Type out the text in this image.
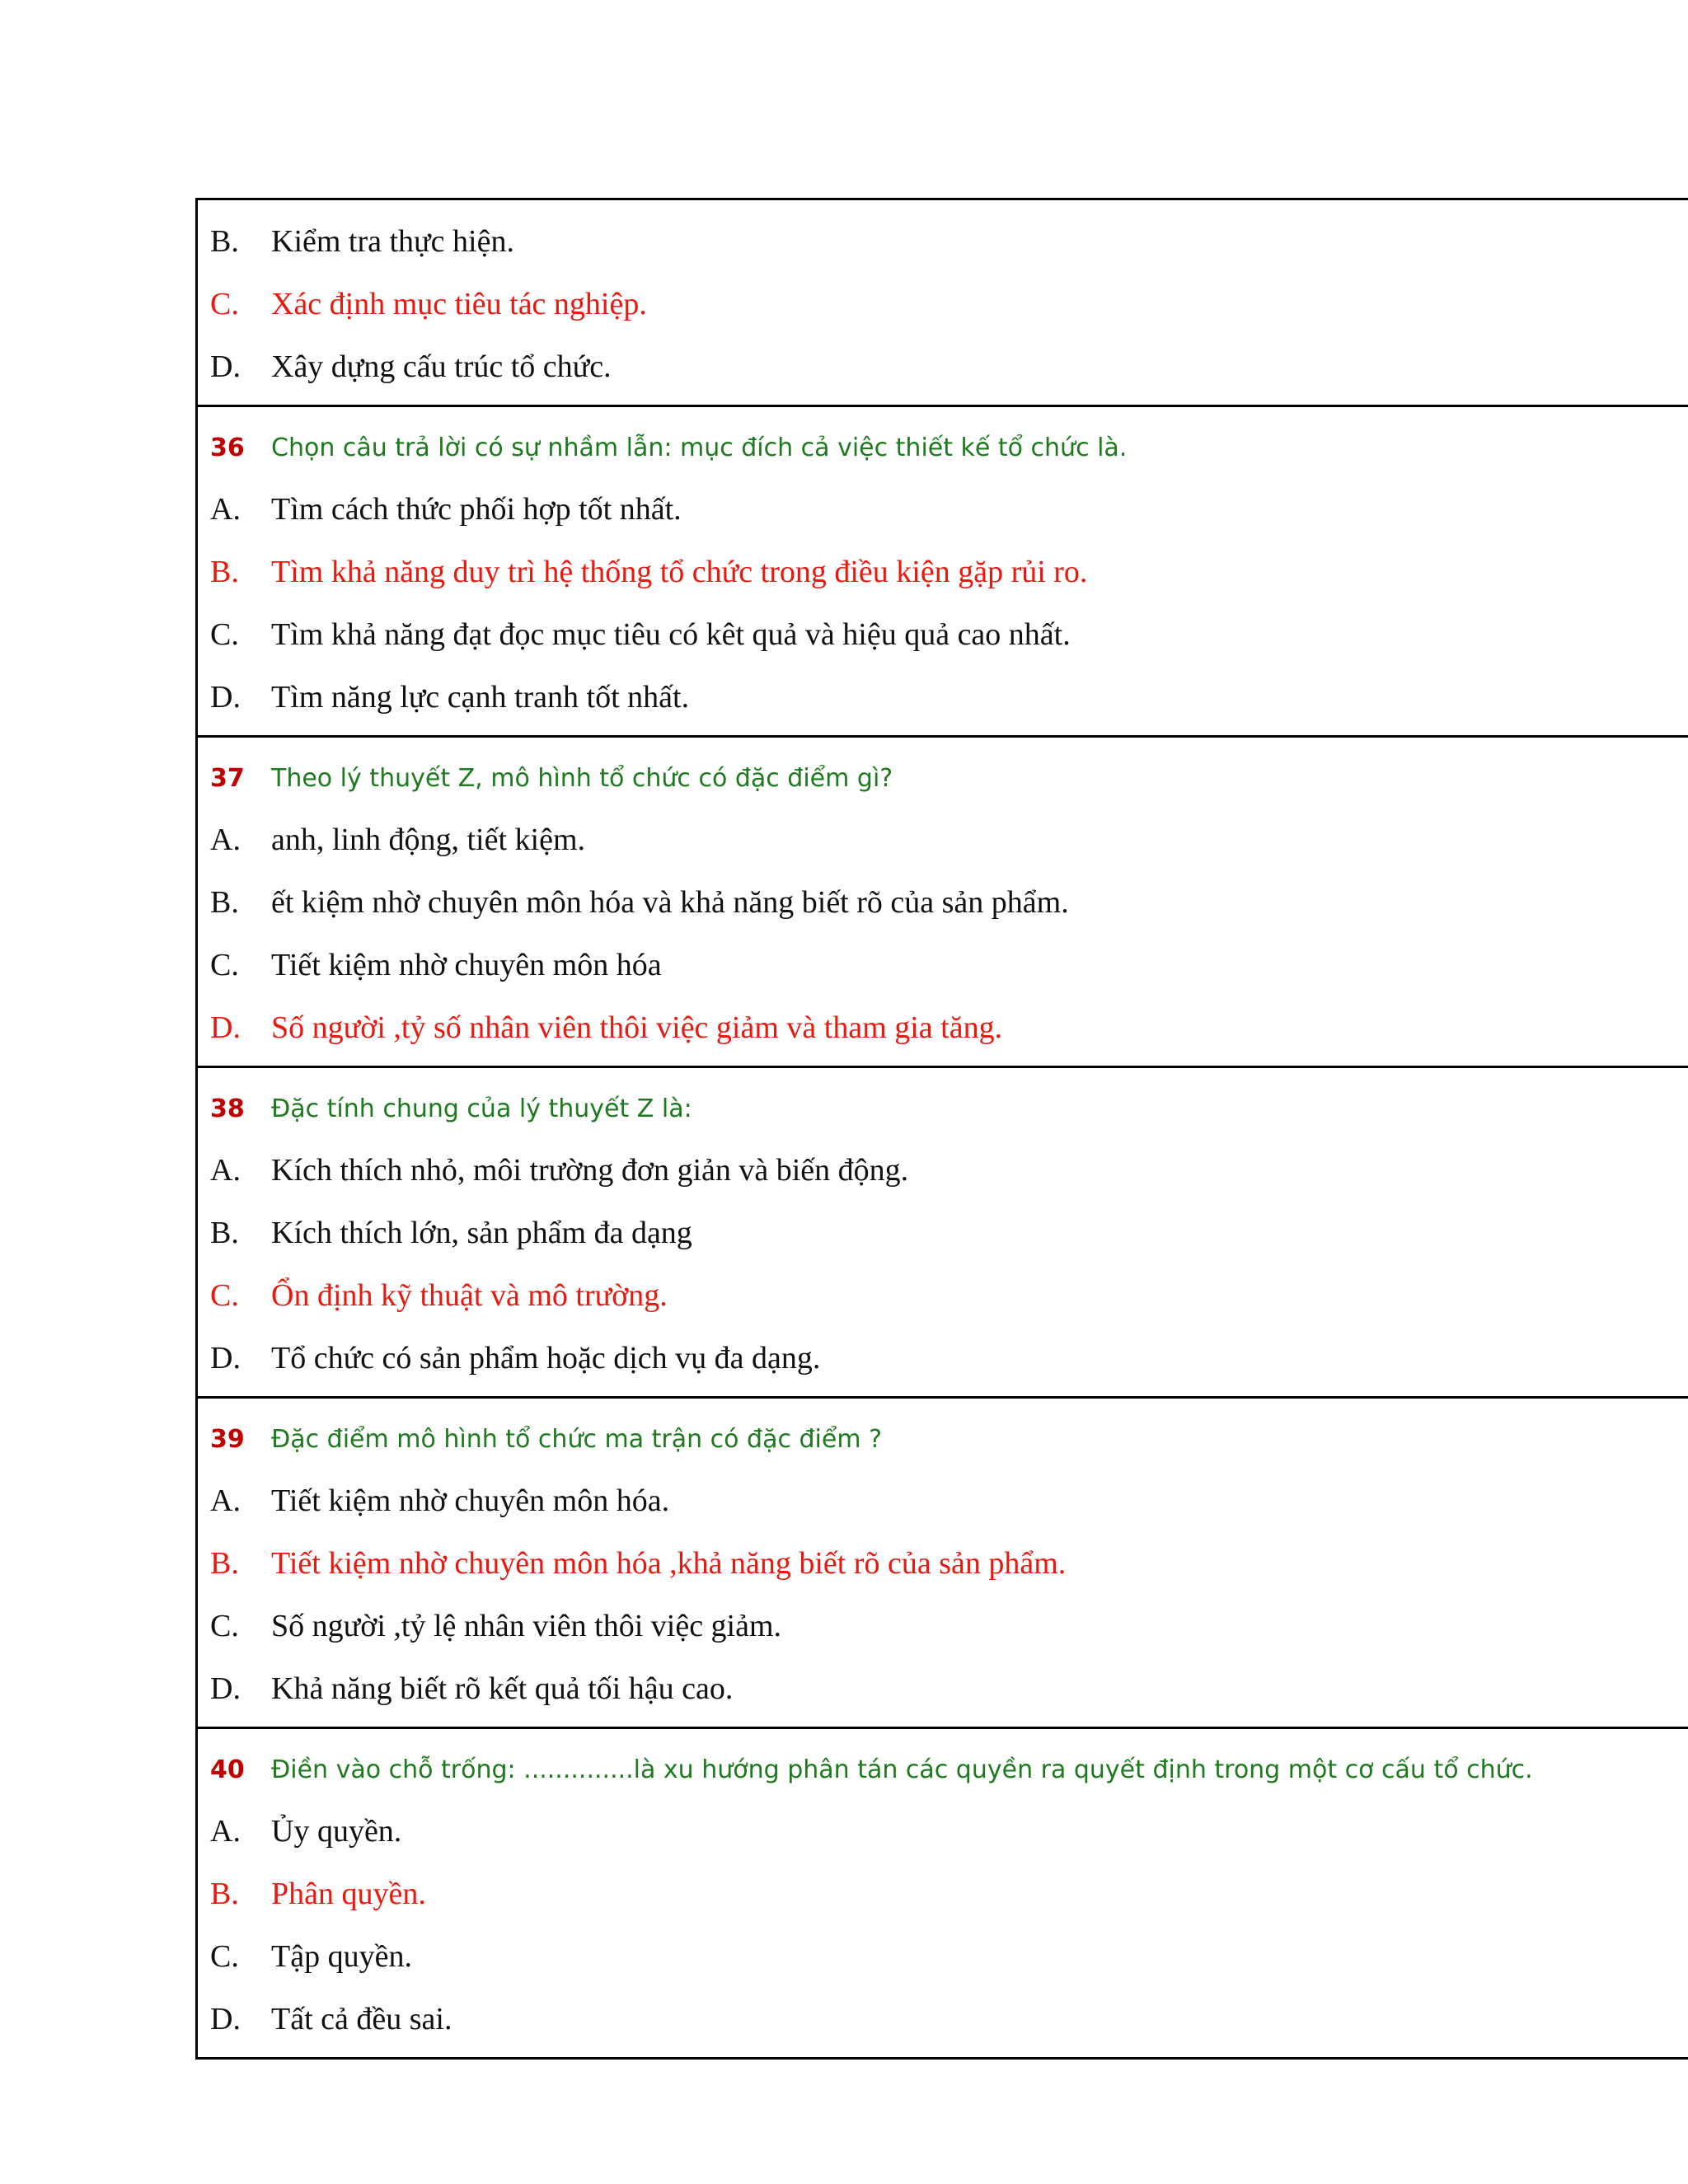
B.	Kiểm tra thực hiện.
C.	Xác định mục tiêu tác nghiệp.
D. Xây dựng cấu trúc tổ chức.
36	Chọn câu trả lời có sự nhầm lẫn: mục đích cả việc thiết kế tổ chức là.
A. Tìm cách thức phối hợp tốt nhất.
B.	Tìm khả năng duy trì hệ thống tổ chức trong điều kiện gặp rủi ro.
C.	Tìm khả năng đạt đọc mục tiêu có kêt quả và hiệu quả cao nhất.
D. Tìm năng lực cạnh tranh tốt nhất.
37	Theo lý thuyết Z, mô hình tổ chức có đặc điểm gì?
A. anh, linh động, tiết kiệm.
B.	ết kiệm nhờ chuyên môn hóa và khả năng biết rõ của sản phẩm.
C.	Tiết kiệm nhờ chuyên môn hóa
D. Số người ,tỷ số nhân viên thôi việc giảm và tham gia tăng.
38	Đặc tính chung của lý thuyết Z là:
A. Kích thích nhỏ, môi trường đơn giản và biến động.
B.	Kích thích lớn, sản phẩm đa dạng
C.	Ổn định kỹ thuật và mô trường.
D. Tổ chức có sản phẩm hoặc dịch vụ đa dạng.
39	Đặc điểm mô hình tổ chức ma trận có đặc điểm ?
A. Tiết kiệm nhờ chuyên môn hóa.
B.	Tiết kiệm nhờ chuyên môn hóa ,khả năng biết rõ của sản phẩm.
C.	Số người ,tỷ lệ nhân viên thôi việc giảm.
D. Khả năng biết rõ kết quả tối hậu cao.
40	Điền vào chỗ trống: ..............là xu hướng phân tán các quyền ra quyết định trong một cơ cấu tổ chức.
A. Ủy quyền.
B.	Phân quyền.
C.	Tập quyền.
D. Tất cả đều sai.
